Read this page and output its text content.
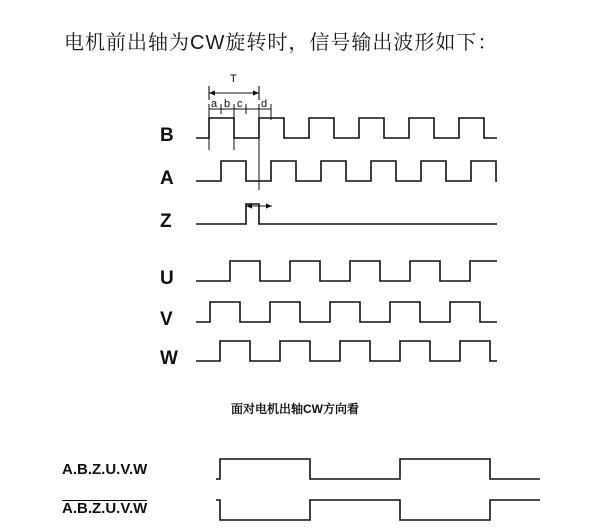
电机前出轴为CW旋转时，信号输出波形如下：
T
a b c d
B
A
Z
U
V
W
面对电机出轴CW方向看
A.B.Z.U.V.W
A.B.Z.U.V.W
